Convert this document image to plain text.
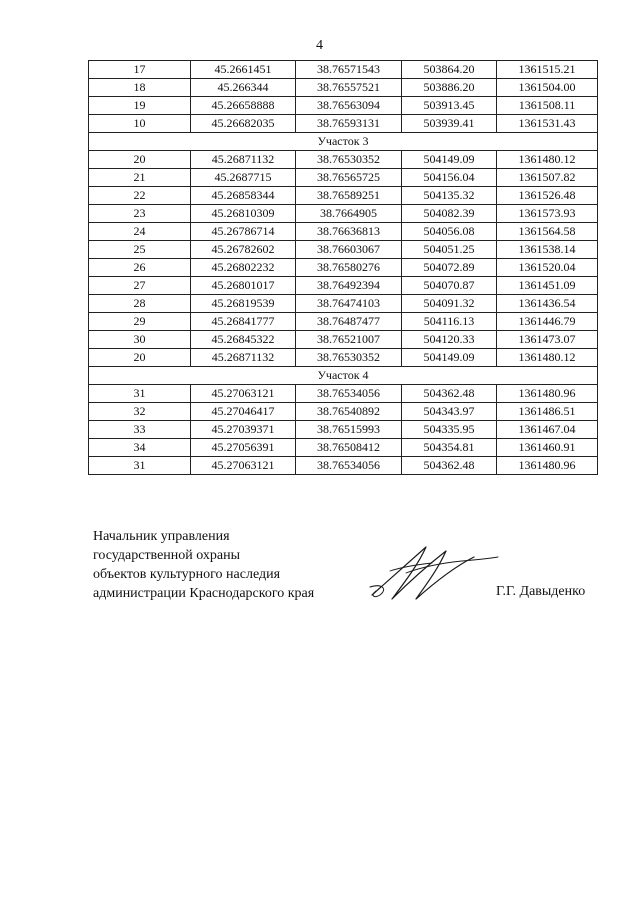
4
17	45.2661451	38.76571543	503864.20	1361515.21
18	45.266344	38.76557521	503886.20	1361504.00
19	45.26658888	38.76563094	503913.45	1361508.11
10	45.26682035	38.76593131	503939.41	1361531.43
Участок 3				
20	45.26871132	38.76530352	504149.09	1361480.12
21	45.2687715	38.76565725	504156.04	1361507.82
22	45.26858344	38.76589251	504135.32	1361526.48
23	45.26810309	38.7664905	504082.39	1361573.93
24	45.26786714	38.76636813	504056.08	1361564.58
25	45.26782602	38.76603067	504051.25	1361538.14
26	45.26802232	38.76580276	504072.89	1361520.04
27	45.26801017	38.76492394	504070.87	1361451.09
28	45.26819539	38.76474103	504091.32	1361436.54
29	45.26841777	38.76487477	504116.13	1361446.79
30	45.26845322	38.76521007	504120.33	1361473.07
20	45.26871132	38.76530352	504149.09	1361480.12
Участок 4				
31	45.27063121	38.76534056	504362.48	1361480.96
32	45.27046417	38.76540892	504343.97	1361486.51
33	45.27039371	38.76515993	504335.95	1361467.04
34	45.27056391	38.76508412	504354.81	1361460.91
31	45.27063121	38.76534056	504362.48	1361480.96
Начальник управления
государственной охраны
объектов культурного наследия
администрации Краснодарского края	Г.Г. Давыденко
